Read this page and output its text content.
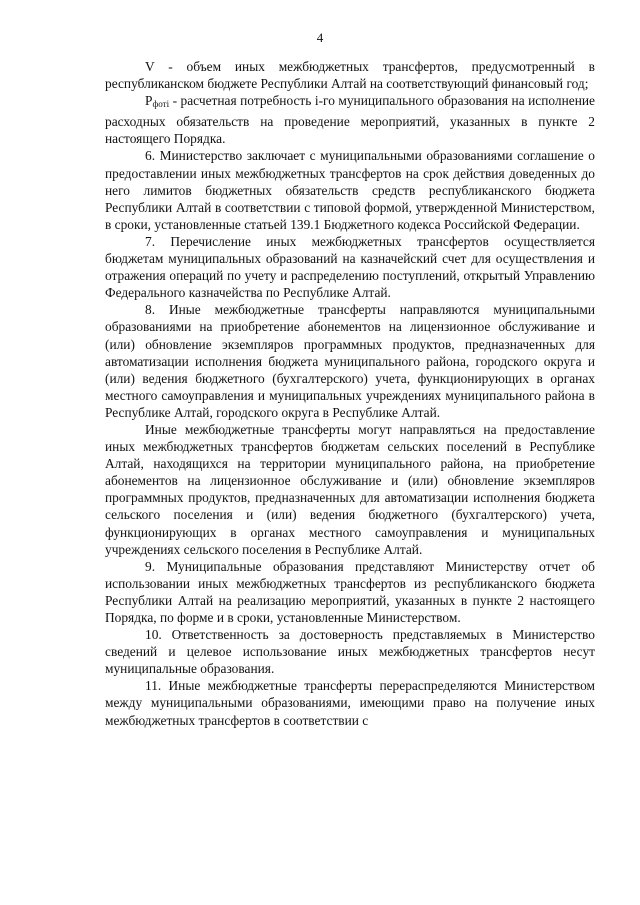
4

V - объем иных межбюджетных трансфертов, предусмотренный в республиканском бюджете Республики Алтай на соответствующий финансовый год;

$P_{фотi}$ - расчетная потребность i-го муниципального образования на исполнение расходных обязательств на проведение мероприятий, указанных в пункте 2 настоящего Порядка.

6. Министерство заключает с муниципальными образованиями соглашение о предоставлении иных межбюджетных трансфертов на срок действия доведенных до него лимитов бюджетных обязательств средств республиканского бюджета Республики Алтай в соответствии с типовой формой, утвержденной Министерством, в сроки, установленные статьей 139.1 Бюджетного кодекса Российской Федерации.

7. Перечисление иных межбюджетных трансфертов осуществляется бюджетам муниципальных образований на казначейский счет для осуществления и отражения операций по учету и распределению поступлений, открытый Управлению Федерального казначейства по Республике Алтай.

8. Иные межбюджетные трансферты направляются муниципальными образованиями на приобретение абонементов на лицензионное обслуживание и (или) обновление экземпляров программных продуктов, предназначенных для автоматизации исполнения бюджета муниципального района, городского округа и (или) ведения бюджетного (бухгалтерского) учета, функционирующих в органах местного самоуправления и муниципальных учреждениях муниципального района в Республике Алтай, городского округа в Республике Алтай.

Иные межбюджетные трансферты могут направляться на предоставление иных межбюджетных трансфертов бюджетам сельских поселений в Республике Алтай, находящихся на территории муниципального района, на приобретение абонементов на лицензионное обслуживание и (или) обновление экземпляров программных продуктов, предназначенных для автоматизации исполнения бюджета сельского поселения и (или) ведения бюджетного (бухгалтерского) учета, функционирующих в органах местного самоуправления и муниципальных учреждениях сельского поселения в Республике Алтай.

9. Муниципальные образования представляют Министерству отчет об использовании иных межбюджетных трансфертов из республиканского бюджета Республики Алтай на реализацию мероприятий, указанных в пункте 2 настоящего Порядка, по форме и в сроки, установленные Министерством.

10. Ответственность за достоверность представляемых в Министерство сведений и целевое использование иных межбюджетных трансфертов несут муниципальные образования.

11. Иные межбюджетные трансферты перераспределяются Министерством между муниципальными образованиями, имеющими право на получение иных межбюджетных трансфертов в соответствии с
